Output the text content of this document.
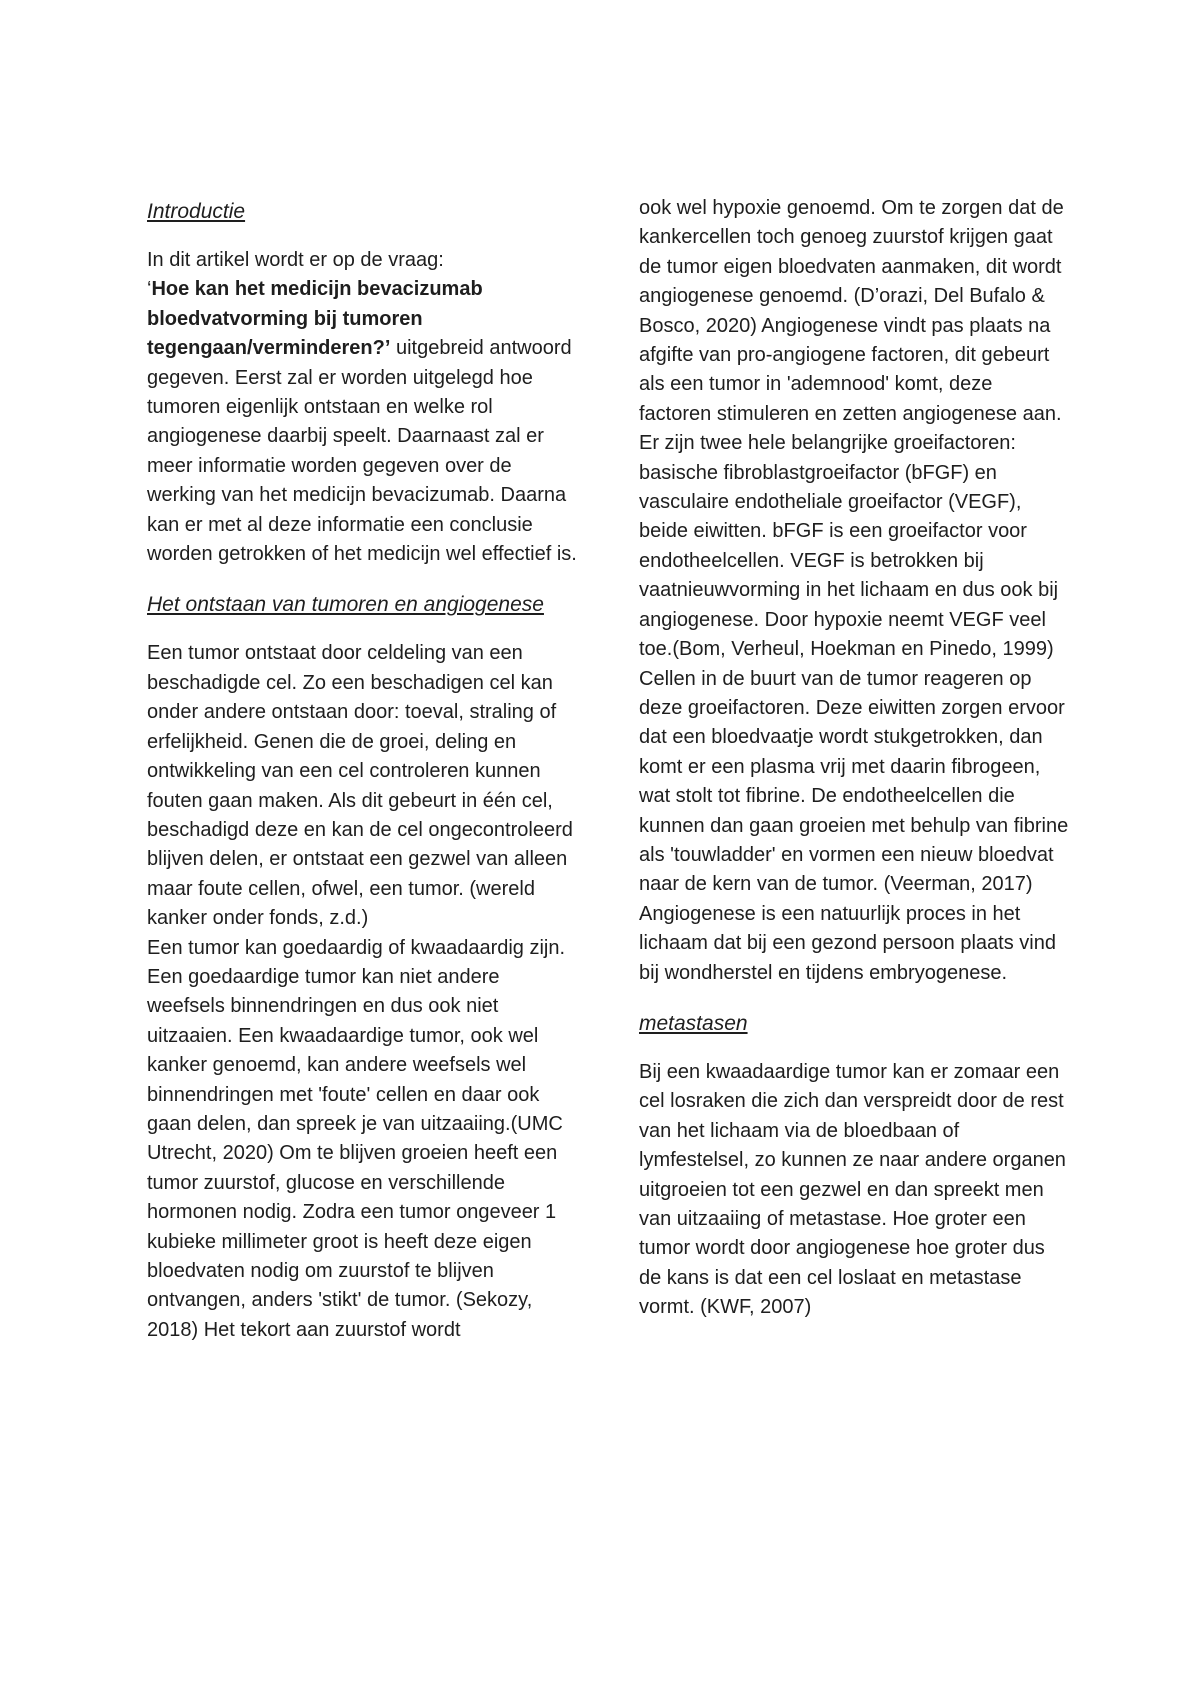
Introductie

In dit artikel wordt er op de vraag:
‘Hoe kan het medicijn bevacizumab bloedvatvorming bij tumoren tegengaan/verminderen?’ uitgebreid antwoord gegeven. Eerst zal er worden uitgelegd hoe tumoren eigenlijk ontstaan en welke rol angiogenese daarbij speelt. Daarnaast zal er meer informatie worden gegeven over de werking van het medicijn bevacizumab. Daarna kan er met al deze informatie een conclusie worden getrokken of het medicijn wel effectief is.

Het ontstaan van tumoren en angiogenese

Een tumor ontstaat door celdeling van een beschadigde cel. Zo een beschadigen cel kan onder andere ontstaan door: toeval, straling of erfelijkheid. Genen die de groei, deling en ontwikkeling van een cel controleren kunnen fouten gaan maken. Als dit gebeurt in één cel, beschadigd deze en kan de cel ongecontroleerd blijven delen, er ontstaat een gezwel van alleen maar foute cellen, ofwel, een tumor. (wereld kanker onder fonds, z.d.)

Een tumor kan goedaardig of kwaadaardig zijn. Een goedaardige tumor kan niet andere weefsels binnendringen en dus ook niet uitzaaien. Een kwaadaardige tumor, ook wel kanker genoemd, kan andere weefsels wel binnendringen met 'foute' cellen en daar ook gaan delen, dan spreek je van uitzaaiing.(UMC Utrecht, 2020) Om te blijven groeien heeft een tumor zuurstof, glucose en verschillende hormonen nodig. Zodra een tumor ongeveer 1 kubieke millimeter groot is heeft deze eigen bloedvaten nodig om zuurstof te blijven ontvangen, anders 'stikt' de tumor. (Sekozy, 2018) Het tekort aan zuurstof wordt

ook wel hypoxie genoemd. Om te zorgen dat de kankercellen toch genoeg zuurstof krijgen gaat de tumor eigen bloedvaten aanmaken, dit wordt angiogenese genoemd. (D’orazi, Del Bufalo & Bosco, 2020) Angiogenese vindt pas plaats na afgifte van pro-angiogene factoren, dit gebeurt als een tumor in 'ademnood' komt, deze factoren stimuleren en zetten angiogenese aan. Er zijn twee hele belangrijke groeifactoren: basische fibroblastgroeifactor (bFGF) en vasculaire endotheliale groeifactor (VEGF), beide eiwitten. bFGF is een groeifactor voor endotheelcellen. VEGF is betrokken bij vaatnieuwvorming in het lichaam en dus ook bij angiogenese. Door hypoxie neemt VEGF veel toe.(Bom, Verheul, Hoekman en Pinedo, 1999) Cellen in de buurt van de tumor reageren op deze groeifactoren. Deze eiwitten zorgen ervoor dat een bloedvaatje wordt stukgetrokken, dan komt er een plasma vrij met daarin fibrogeen, wat stolt tot fibrine. De endotheelcellen die kunnen dan gaan groeien met behulp van fibrine als 'touwladder' en vormen een nieuw bloedvat naar de kern van de tumor. (Veerman, 2017)

Angiogenese is een natuurlijk proces in het lichaam dat bij een gezond persoon plaats vind bij wondherstel en tijdens embryogenese.

metastasen

Bij een kwaadaardige tumor kan er zomaar een cel losraken die zich dan verspreidt door de rest van het lichaam via de bloedbaan of lymfestelsel, zo kunnen ze naar andere organen uitgroeien tot een gezwel en dan spreekt men van uitzaaiing of metastase. Hoe groter een tumor wordt door angiogenese hoe groter dus de kans is dat een cel loslaat en metastase vormt. (KWF, 2007)
